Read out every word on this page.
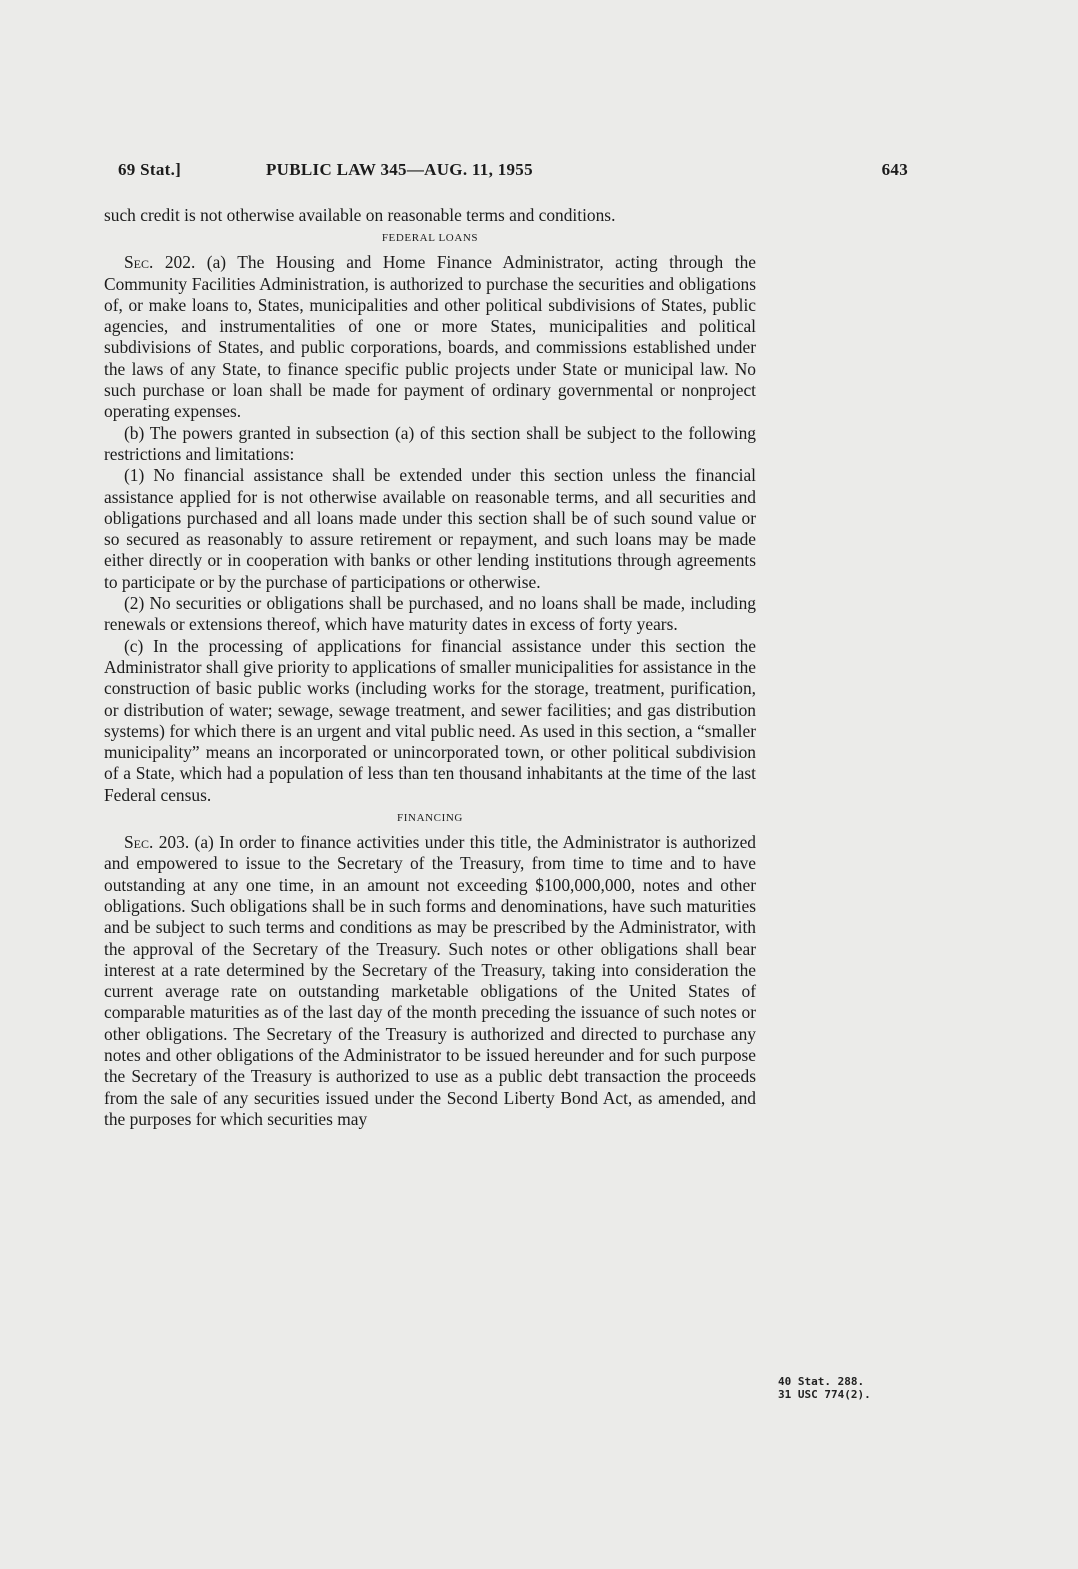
69 Stat.]	PUBLIC LAW 345—AUG. 11, 1955	643

such credit is not otherwise available on reasonable terms and conditions.

FEDERAL LOANS

Sec. 202. (a) The Housing and Home Finance Administrator, acting through the Community Facilities Administration, is authorized to purchase the securities and obligations of, or make loans to, States, municipalities and other political subdivisions of States, public agencies, and instrumentalities of one or more States, municipalities and political subdivisions of States, and public corporations, boards, and commissions established under the laws of any State, to finance specific public projects under State or municipal law. No such purchase or loan shall be made for payment of ordinary governmental or nonproject operating expenses.

(b) The powers granted in subsection (a) of this section shall be subject to the following restrictions and limitations:

(1) No financial assistance shall be extended under this section unless the financial assistance applied for is not otherwise available on reasonable terms, and all securities and obligations purchased and all loans made under this section shall be of such sound value or so secured as reasonably to assure retirement or repayment, and such loans may be made either directly or in cooperation with banks or other lending institutions through agreements to participate or by the purchase of participations or otherwise.

(2) No securities or obligations shall be purchased, and no loans shall be made, including renewals or extensions thereof, which have maturity dates in excess of forty years.

(c) In the processing of applications for financial assistance under this section the Administrator shall give priority to applications of smaller municipalities for assistance in the construction of basic public works (including works for the storage, treatment, purification, or distribution of water; sewage, sewage treatment, and sewer facilities; and gas distribution systems) for which there is an urgent and vital public need. As used in this section, a “smaller municipality” means an incorporated or unincorporated town, or other political subdivision of a State, which had a population of less than ten thousand inhabitants at the time of the last Federal census.

FINANCING

Sec. 203. (a) In order to finance activities under this title, the Administrator is authorized and empowered to issue to the Secretary of the Treasury, from time to time and to have outstanding at any one time, in an amount not exceeding $100,000,000, notes and other obligations. Such obligations shall be in such forms and denominations, have such maturities and be subject to such terms and conditions as may be prescribed by the Administrator, with the approval of the Secretary of the Treasury. Such notes or other obligations shall bear interest at a rate determined by the Secretary of the Treasury, taking into consideration the current average rate on outstanding marketable obligations of the United States of comparable maturities as of the last day of the month preceding the issuance of such notes or other obligations. The Secretary of the Treasury is authorized and directed to purchase any notes and other obligations of the Administrator to be issued hereunder and for such purpose the Secretary of the Treasury is authorized to use as a public debt transaction the proceeds from the sale of any securities issued under the Second Liberty Bond Act, as amended, and the purposes for which securities may

40 Stat. 288.
31 USC 774(2).
